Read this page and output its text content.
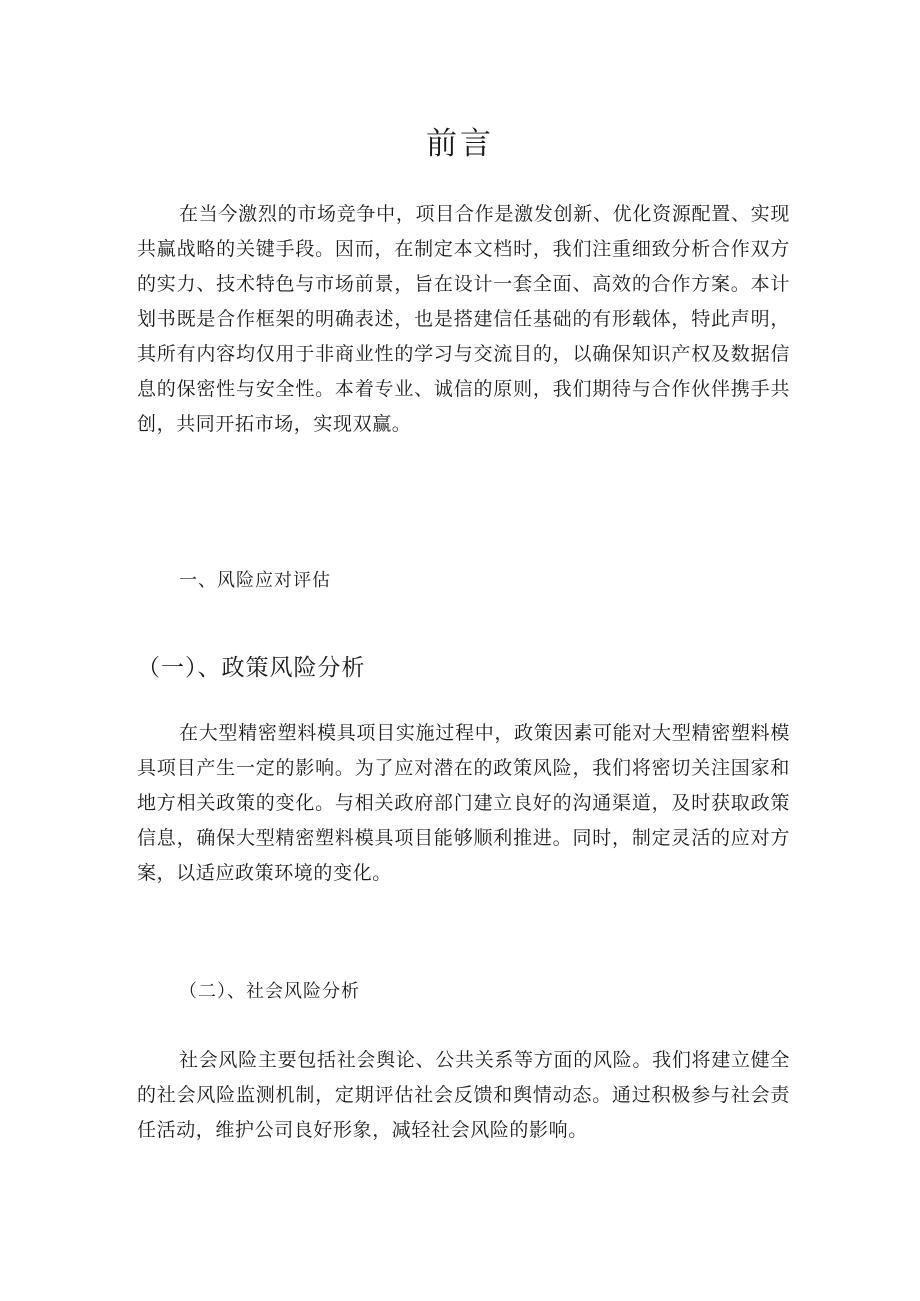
前言

在当今激烈的市场竞争中，项目合作是激发创新、优化资源配置、实现共赢战略的关键手段。因而，在制定本文档时，我们注重细致分析合作双方的实力、技术特色与市场前景，旨在设计一套全面、高效的合作方案。本计划书既是合作框架的明确表述，也是搭建信任基础的有形载体，特此声明，其所有内容均仅用于非商业性的学习与交流目的，以确保知识产权及数据信息的保密性与安全性。本着专业、诚信的原则，我们期待与合作伙伴携手共创，共同开拓市场，实现双赢。

一、风险应对评估
（一）、政策风险分析

在大型精密塑料模具项目实施过程中，政策因素可能对大型精密塑料模具项目产生一定的影响。为了应对潜在的政策风险，我们将密切关注国家和地方相关政策的变化。与相关政府部门建立良好的沟通渠道，及时获取政策信息，确保大型精密塑料模具项目能够顺利推进。同时，制定灵活的应对方案，以适应政策环境的变化。

（二）、社会风险分析

社会风险主要包括社会舆论、公共关系等方面的风险。我们将建立健全的社会风险监测机制，定期评估社会反馈和舆情动态。通过积极参与社会责任活动，维护公司良好形象，减轻社会风险的影响。
